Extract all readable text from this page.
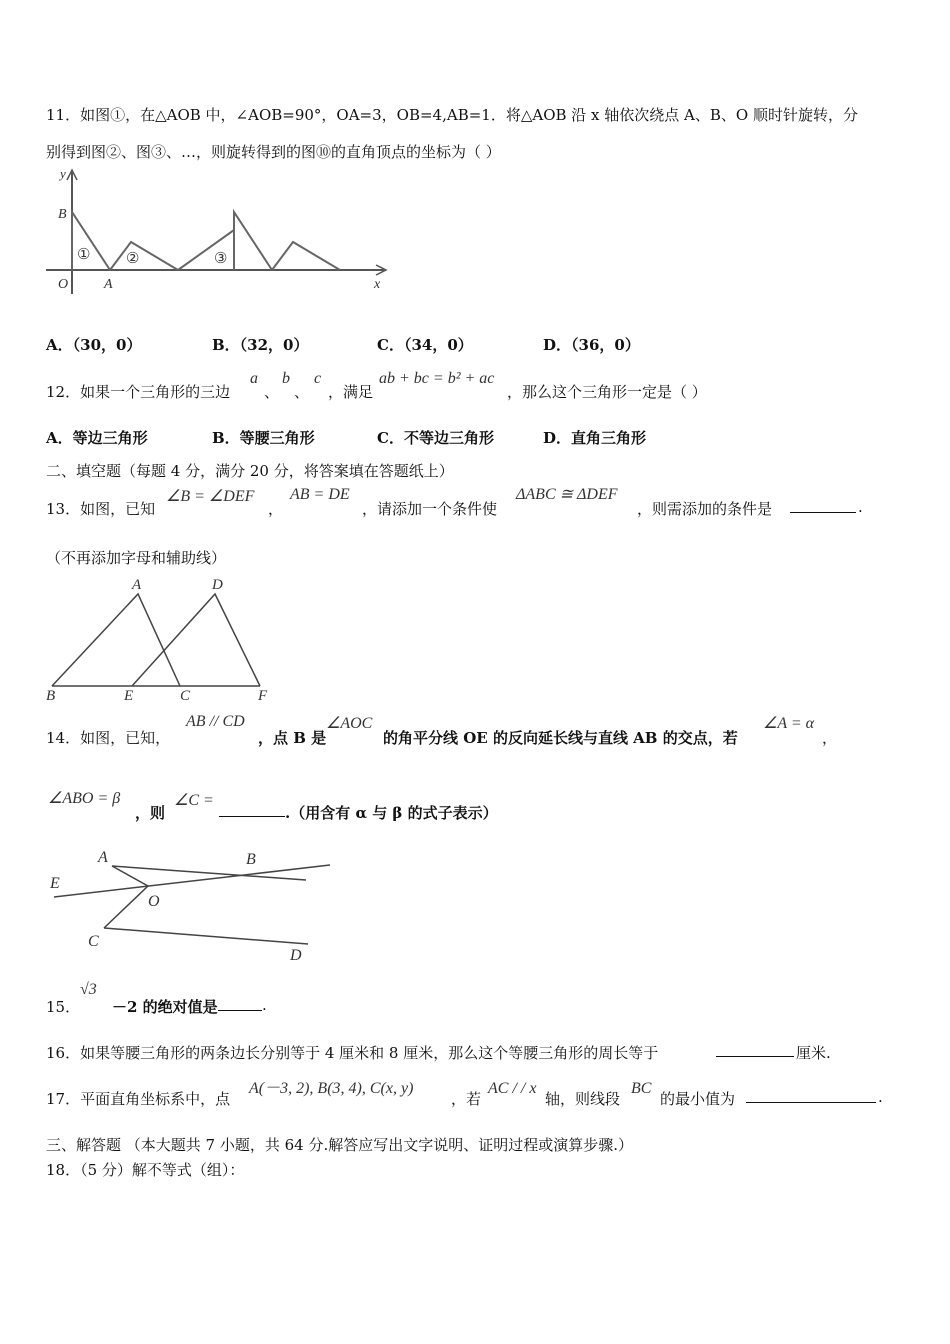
11．如图①，在△AOB 中，∠AOB=90°，OA=3，OB=4,AB=1．将△AOB 沿 x 轴依次绕点 A、B、O 顺时针旋转，分
别得到图②、图③、…，则旋转得到的图⑩的直角顶点的坐标为（ ）
y
B
O	A	x
① ②	③
A．（30，0）	B．（32，0）	C．（34，0）	D．（36，0）
12．如果一个三角形的三边
a
、
b
、
c
，满足
ab + bc = b² + ac
，那么这个三角形一定是（ ）
A．等边三角形	B．等腰三角形	C．不等边三角形	D．直角三角形
二、填空题（每题 4 分，满分 20 分，将答案填在答题纸上）
13．如图，已知
∠B = ∠DEF
，
AB = DE
，请添加一个条件使
ΔABC ≅ ΔDEF
，则需添加的条件是	.
（不再添加字母和辅助线）
A	D
B	E	C	F
14．如图，已知，
AB // CD
，点 B 是
∠AOC
的角平分线 OE 的反向延长线与直线 AB 的交点，若
∠A = α
，
∠ABO = β
，则
∠C =
.（用含有 α 与 β 的式子表示）
A	B
E
O
C
D
15．
√3
－2 的绝对值是	.
16．如果等腰三角形的两条边长分别等于 4 厘米和 8 厘米，那么这个等腰三角形的周长等于	厘米.
17．平面直角坐标系中，点
A(－3, 2), B(3, 4), C(x, y)
，若
AC / / x
轴，则线段
BC
的最小值为	.
三、解答题 （本大题共 7 小题，共 64 分.解答应写出文字说明、证明过程或演算步骤.）
18．（5 分）解不等式（组）：
